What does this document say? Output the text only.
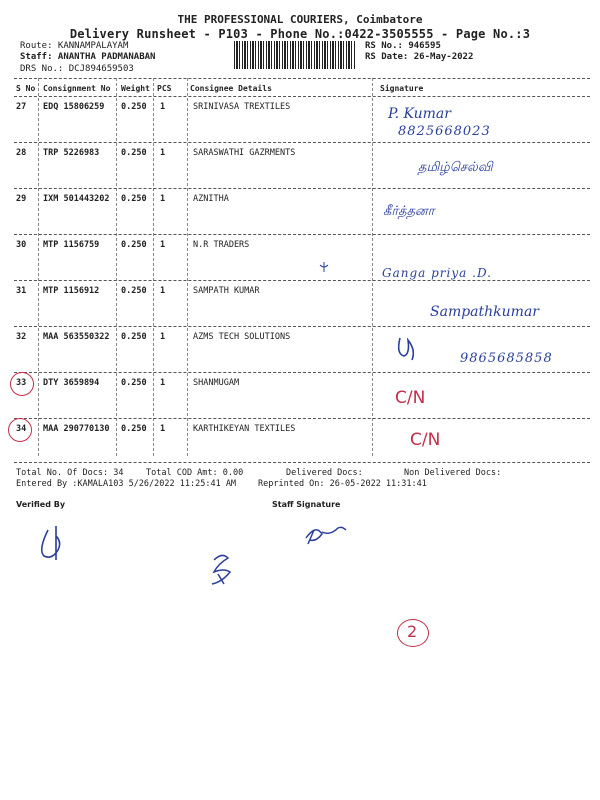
THE PROFESSIONAL COURIERS, Coimbatore
Delivery Runsheet - P103 - Phone No.:0422-3505555 - Page No.:3
Route: KANNAMPALAYAM
Staff: ANANTHA PADMANABAN
DRS No.: DCJ894659503
RS No.: 946595
RS Date: 26-May-2022
S No Consignment No Weight PCS Consignee Details	Signature
27 EDQ 15806259 0.250 1	SRINIVASA TREXTILES	P. Kumar
8825668023
28 TRP 5226983	0.250 1	SARASWATHI GAZRMENTS
தமிழ்செல்வி
29 IXM 501443202 0.250 1	AZNITHA
கீர்த்தனா
30 MTP 1156759	0.250 1	N.R TRADERS
Ganga priya .D.
31 MTP 1156912	0.250 1	SAMPATH KUMAR
Sampathkumar
32 MAA 563550322 0.250 1	AZMS TECH SOLUTIONS
9865685858
33 DTY 3659894	0.250 1	SHANMUGAM
C/N
34 MAA 290770130 0.250 1	KARTHIKEYAN TEXTILES
C/N
Total No. Of Docs: 34	Total COD Amt: 0.00	Delivered Docs:	Non Delivered Docs:
Entered By :KAMALA103 5/26/2022 11:25:41 AM	Reprinted On: 26-05-2022 11:31:41
Verified By	Staff Signature
2
